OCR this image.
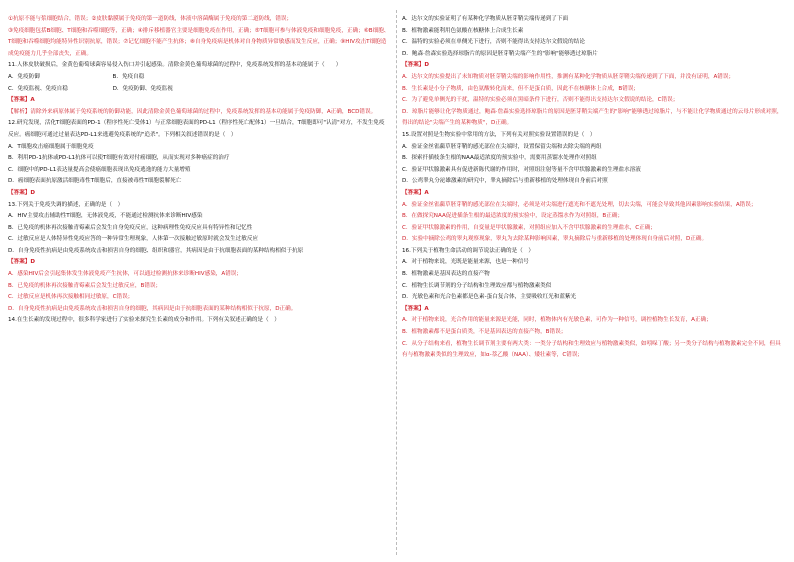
①抗原不能与浆细胞结合，错误；②皮肤黏膜属于免疫的第一道防线，体液中溶菌酶属于免疫的第二道防线，错误；

③免疫细胞包括B细胞、T细胞和吞噬细胞等，正确；④排斥移植器官主要是细胞免疫在作用，正确；⑤T细胞可参与体液免疫和细胞免疫，正确；⑥B细胞、T细胞和吞噬细胞均能特异性识别抗原，错误；⑦记忆细胞不能产生抗体；⑧自身免疫病是机体对自身物质异常敏感而发生反应，正确；⑨HIV攻击T细胞造成免疫能力几乎全部丧失，正确。

11.人体皮肤破损后，金黄色葡萄球菌容易侵入伤口并引起感染。清除金黄色葡萄球菌的过程中，免疫系统发挥的基本功能属于（　　）

A．免疫防御　　　　　　　　　　　　　B．免疫自稳

C．免疫监视、免疫自稳　　　　　　　　D．免疫防御、免疫监视

【答案】A

【解析】清除外来病原体属于免疫系统的防御功能，因此清除金黄色葡萄球菌的过程中，免疫系统发挥的基本功能属于免疫防御，A正确，BCD错误。

12.研究发现，活化T细胞表面的PD-1（程序性死亡受体1）与正常细胞表面的PD-L1（程序性死亡配体1）一旦结合，T细胞即可"认清"对方，不发生免疫反应。癌细胞可通过过量表达PD-L1来逃避免疫系统的"追杀"。下列相关叙述错误的是（　）

A．T细胞攻击癌细胞属于细胞免疫

B．利用PD-1抗体或PD-L1抗体可以使T细胞有效对付癌细胞，从而实现对多种癌症的治疗

C．细胞中的PD-L1表达量提高会使癌细胞表现出免疫逃逸的能力大量增殖

D．癌细胞表面抗原激活细胞毒性T细胞后，直接被毒性T细胞裂解死亡

【答案】D

13.下列关于免疫失调的描述，正确的是（　）

A．HIV主要攻击辅助性T细胞，无体液免疫，不能通过检测抗体来诊断HIV感染

B．已免疫的机体再次接触青霉素后会发生自身免疫反应，这种病理性免疫反应具有特异性和记忆性

C．过敏反应是人体特异性免疫应答的一种异常生理现象，人体第一次接触过敏原时就会发生过敏反应

D．自身免疫性抗病是由免疫系统攻击和损害自身的细胞、组织和器官，其病因是由于抗细胞表面的某种结构相似于抗原

【答案】D

A．感染HIV后会引起集体发生体液免疫产生抗体，可以通过检测抗体来诊断HIV感染，A错误；

B．已免疫的机体再次接触青霉素后会发生过敏反应，B错误；

C．过敏反应是机体再次接触相同过敏原，C错误；

D．自身免疫性抗病是由免疫系统攻击和损害自身的细胞，其病因是由于抗细胞表面的某种结构相似于抗原，D正确。

14.在生长素的发现过程中，很多科学家进行了实验来探究生长素的成分和作用。下列有关叙述正确的是（　）

A．达尔文的实验证明了有某种化学物质从胚芽鞘尖端传递到了下面

B．植物激素能利用色氨酸在核糖体上合成生长素

C．温特的实验必须在单侧光下进行，否则不能得出支持达尔文假说的结论

D．鲍森·詹森实验选择琼脂片的原因是胚芽鞘尖端产生的"影响"能够透过琼脂片

【答案】D

A．达尔文的实验提出了未知物质对胚芽鞘尖端的影响作用性，推测有某种化学物质从胚芽鞘尖端传递到了下面，并没有证明，A错误；

B．生长素是小分子物质，由色氨酸转化而来，但不是蛋白质，因此不在核糖体上合成，B错误；

C．为了避免单侧光的干扰，温特的实验必须在黑暗条件下进行，否则不能得出支持达尔文假说的结论，C错误；

D．琼脂片能够让化学物质通过，鲍森·詹森实验选择琼脂片的原因是胚芽鞘尖端产生的"影响"能够透过琼脂片，与不能让化学物质通过的云母片形成对照，得出的结论"尖端产生的某种物质"，D正确。

15.设置对照是生物实验中常用的方法，下列有关对照实验设置错误的是（　）

A．验证金丝雀虉草胚芽鞘的感光部位在尖端时，设置保留尖端和去除尖端的两组

B．探索扦插枝条生根的NAA最适浓度的预实验中，需要用蒸馏水处理作对照组

C．验证甲状腺激素具有促进新陈代谢的作用时，对照组注射等量不含甲状腺激素的生理盐水溶液

D．公鸡睾丸分泌雄激素的研究中，睾丸摘除后与重新移植的处理体现自身前后对照

【答案】A

A．验证金丝雀虉草胚芽鞘的感光部位在尖端时，必须是对尖端进行遮光和不遮光处理，切去尖端，可能会导致其他因素影响实验结果，A错误；

B．在做探究NAA促进插条生根的最适浓度的预实验中，设定蒸馏水作为对照组，B正确；

C．验证甲状腺激素的作用，自变量是甲状腺激素，对照组应加入不含甲状腺激素的生理盐水，C正确；

D．实验中摘除公鸡的睾丸观察现象，睾丸为去除某种影响因素，睾丸摘除后与重新移植的处理体现自身前后对照，D正确。

16.下列关于植物生命活动的调节说法正确的是（　）

A．对于植物来说，光既是能量来源，也是一种信号

B．植物激素是基因表达的直接产物

C．植物生长调节剂的分子结构和生理效应都与植物激素类似

D．光敏色素和光合色素都是色素-蛋白复合体，主要吸收红光和蓝紫光

【答案】A

A．对于植物来说，光合作用的能量来源是光能，同时，植物体内有光敏色素，可作为一种信号，调控植物生长发育，A正确；

B．植物激素都不是蛋白质类，不是基因表达的直接产物，B错误；

C．从分子结构来看，植物生长调节剂主要有两大类：一类分子结构和生理效应与植物激素类似，如吲哚丁酸；另一类分子结构与植物激素完全不同，但具有与植物激素类似的生理效应，如α-萘乙酸（NAA）、矮壮素等，C错误；
